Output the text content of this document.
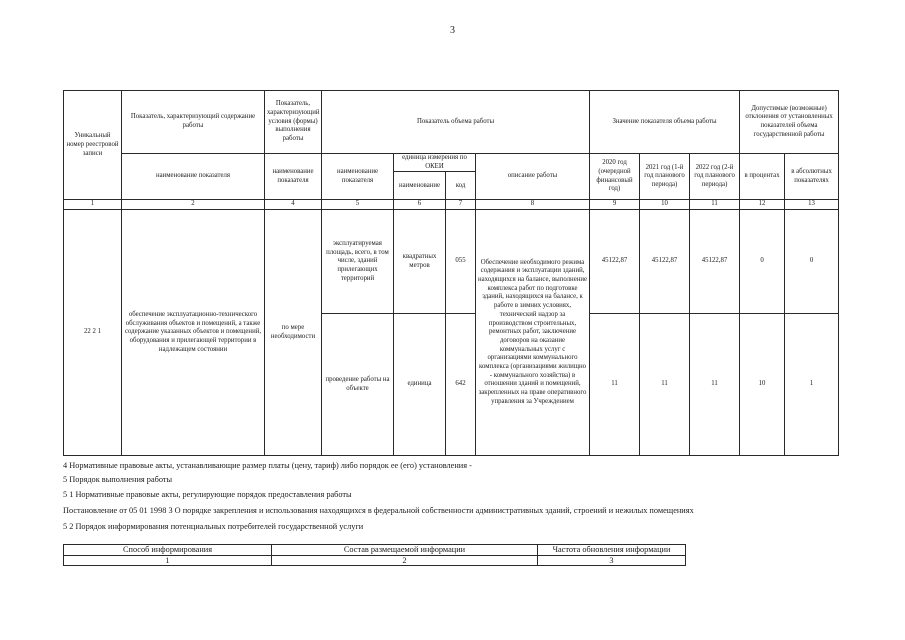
3
Уникальный номер реестровой записи	Показатель, характеризующий содержание работы	Показатель, характеризующий условия (формы) выполнения работы	Показатель объема работы				Значение показателя объема работы			Допустимые (возможные) отклонения от установленных показателей объема государственной работы	
	наименование показателя	наименование показателя	наименование показателя	единица измерения по ОКЕИ		описание работы	2020 год (очередной финансовый год)	2021 год (1-й год планового периода)	2022 год (2-й год планового периода)	в процентах	в абсолютных показателях
				наименование	код						
1	2	4	5	6	7	8	9	10	11	12	13
22 2 1	обеспечение эксплуатационно-технического обслуживания объектов и помещений, а также содержание указанных объектов и помещений, оборудования и прилегающей территории в надлежащем состоянии	по мере необходимости	эксплуатируемая площадь, всего, в том числе, зданий прилегающих территорий	квадратных метров	055	Обеспечение необходимого режима содержания и эксплуатации зданий, находящихся на балансе, выполнение комплекса работ по подготовке зданий, находящихся на балансе, к работе в зимних условиях, технический надзор за производством строительных, ремонтных работ, заключение договоров на оказание коммунальных услуг с организациями коммунального комплекса (организациями жилищно - коммунального хозяйства) в отношении зданий и помещений, закрепленных на праве оперативного управления за Учреждением	45122,87	45122,87	45122,87	0	0
			проведение работы на объекте	единица	642		11	11	11	10	1

4 Нормативные правовые акты, устанавливающие размер платы (цену, тариф) либо порядок ее (его) установления -

5 Порядок выполнения работы

5 1 Нормативные правовые акты, регулирующие порядок предоставления работы

Постановление от 05 01 1998 3 О порядке закрепления и использования находящихся в федеральной собственности административных зданий, строений и нежилых помещениях

5 2 Порядок информирования потенциальных потребителей государственной услуги

Способ информирования	Состав размещаемой информации	Частота обновления информации
1	2	3
